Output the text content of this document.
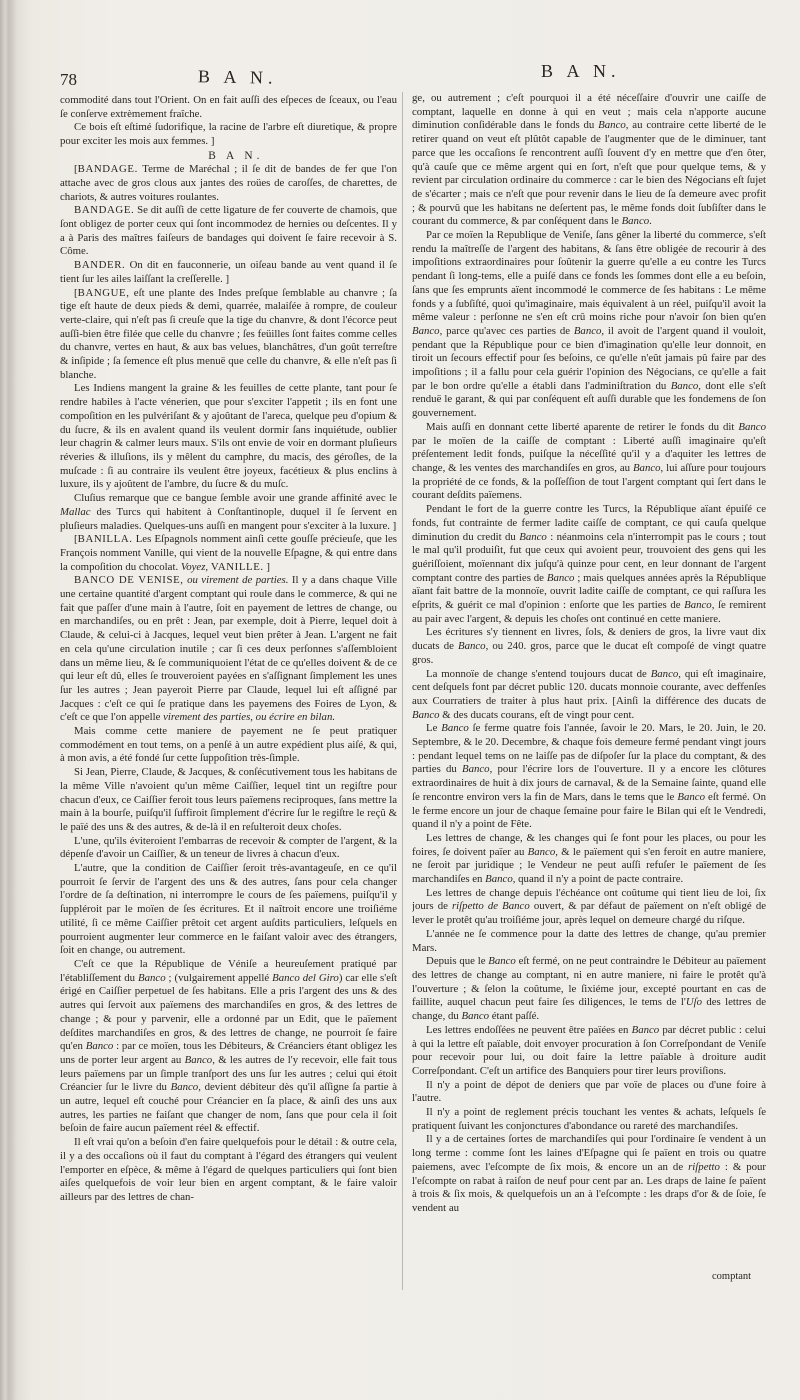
78	B A N.	B A N.

commodité dans tout l'Orient. On en fait auſſi des eſpeces de ſceaux, ou l'eau ſe conſerve extrèmement fraîche.

Ce bois eſt eſtimé ſudorifique, la racine de l'arbre eſt diuretique, & propre pour exciter les mois aux femmes. ]

B A N.

[BANDAGE. Terme de Maréchal ; il ſe dit de bandes de fer que l'on attache avec de gros clous aux jantes des roües de caroſſes, de charettes, de chariots, & autres voitures roulantes.

BANDAGE. Se dit auſſi de cette ligature de fer couverte de chamois, que ſont obligez de porter ceux qui ſont incommodez de hernies ou deſcentes. Il y a à Paris des maîtres faiſeurs de bandages qui doivent ſe faire recevoir à S. Côme.

BANDER. On dit en fauconnerie, un oiſeau bande au vent quand il ſe tient ſur les ailes laiſſant la creſſerelle. ]

[BANGUE, eſt une plante des Indes preſque ſemblable au chanvre ; ſa tige eſt haute de deux pieds & demi, quarrée, malaiſée à rompre, de couleur verte-claire, qui n'eſt pas ſi creuſe que la tige du chanvre, & dont l'écorce peut auſſi-bien être filée que celle du chanvre ; ſes feüilles ſont faites comme celles du chanvre, vertes en haut, & aux bas velues, blanchâtres, d'un goût terreſtre & inſipide ; ſa ſemence eſt plus menuë que celle du chanvre, & elle n'eſt pas ſi blanche.

Les Indiens mangent la graine & les feuilles de cette plante, tant pour ſe rendre habiles à l'acte vénerien, que pour s'exciter l'appetit ; ils en font une compoſition en les pulvériſant & y ajoûtant de l'areca, quelque peu d'opium & du ſucre, & ils en avalent quand ils veulent dormir ſans inquiétude, oublier leur chagrin & calmer leurs maux. S'ils ont envie de voir en dormant pluſieurs réveries & illuſions, ils y mêlent du camphre, du macis, des géroſles, de la muſcade : ſi au contraire ils veulent être joyeux, facétieux & plus enclins à luxure, ils y ajoûtent de l'ambre, du ſucre & du muſc.

Cluſius remarque que ce bangue ſemble avoir une grande affinité avec le Mallac des Turcs qui habitent à Conſtantinople, duquel il ſe ſervent en pluſieurs maladies. Quelques-uns auſſi en mangent pour s'exciter à la luxure. ]

[BANILLA. Les Eſpagnols nomment ainſi cette gouſſe précieuſe, que les François nomment Vanille, qui vient de la nouvelle Eſpagne, & qui entre dans la compoſition du chocolat. Voyez, VANILLE. ]

BANCO DE VENISE, ou virement de parties. Il y a dans chaque Ville une certaine quantité d'argent comptant qui roule dans le commerce, & qui ne fait que paſſer d'une main à l'autre, ſoit en payement de lettres de change, ou en marchandiſes, ou en prêt : Jean, par exemple, doit à Pierre, lequel doit à Claude, & celui-ci à Jacques, lequel veut bien prêter à Jean. L'argent ne fait en cela qu'une circulation inutile ; car ſi ces deux perſonnes s'aſſembloient dans un même lieu, & ſe communiquoient l'état de ce qu'elles doivent & de ce qui leur eſt dû, elles ſe trouveroient payées en s'aſſignant ſimplement les unes ſur les autres ; Jean payeroit Pierre par Claude, lequel lui eſt aſſigné par Jacques : c'eſt ce qui ſe pratique dans les payemens des Foires de Lyon, & c'eſt ce que l'on appelle virement des parties, ou écrire en bilan.

Mais comme cette maniere de payement ne ſe peut pratiquer commodément en tout tems, on a penſé à un autre expédient plus aiſé, & qui, à mon avis, a été fondé ſur cette ſuppoſition très-ſimple.

Si Jean, Pierre, Claude, & Jacques, & conſécutivement tous les habitans de la même Ville n'avoient qu'un même Caiſſier, lequel tint un regiſtre pour chacun d'eux, ce Caiſſier feroit tous leurs païemens reciproques, ſans mettre la main à la bourſe, puiſqu'il ſuffiroit ſimplement d'écrire ſur le regiſtre le reçû & le païé des uns & des autres, & de-là il en reſulteroit deux choſes.

L'une, qu'ils éviteroient l'embarras de recevoir & compter de l'argent, & la dépenſe d'avoir un Caiſſier, & un teneur de livres à chacun d'eux.

L'autre, que la condition de Caiſſier ſeroit très-avantageuſe, en ce qu'il pourroit ſe ſervir de l'argent des uns & des autres, ſans pour cela changer l'ordre de ſa deſtination, ni interrompre le cours de ſes païemens, puiſqu'il y ſuppléroit par le moïen de ſes écritures. Et il naîtroit encore une troiſiéme utilité, ſi ce même Caiſſier prêtoit cet argent auſdits particuliers, leſquels en pourroient augmenter leur commerce en le faiſant valoir avec des étrangers, ſoit en change, ou autrement.

C'eſt ce que la République de Véniſe a heureuſement pratiqué par l'établiſſement du Banco ; (vulgairement appellé Banco del Giro) car elle s'eſt érigé en Caiſſier perpetuel de ſes habitans. Elle a pris l'argent des uns & des autres qui ſervoit aux païemens des marchandiſes en gros, & des lettres de change ; & pour y parvenir, elle a ordonné par un Edit, que le païement deſdites marchandiſes en gros, & des lettres de change, ne pourroit ſe faire qu'en Banco : par ce moïen, tous les Débiteurs, & Créanciers étant obligez les uns de porter leur argent au Banco, & les autres de l'y recevoir, elle fait tous leurs païemens par un ſimple tranſport des uns ſur les autres ; celui qui étoit Créancier ſur le livre du Banco, devient débiteur dès qu'il aſſigne ſa partie à un autre, lequel eſt couché pour Créancier en ſa place, & ainſi des uns aux autres, les parties ne faiſant que changer de nom, ſans que pour cela il ſoit beſoin de faire aucun païement réel & effectif.

Il eſt vrai qu'on a beſoin d'en faire quelquefois pour le détail : & outre cela, il y a des occaſions où il faut du comptant à l'égard des étrangers qui veulent l'emporter en eſpèce, & même à l'égard de quelques particuliers qui ſont bien aiſes quelquefois de voir leur bien en argent comptant, & le faire valoir ailleurs par des lettres de chan-

ge, ou autrement ; c'eſt pourquoi il a été néceſſaire d'ouvrir une caiſſe de comptant, laquelle en donne à qui en veut ; mais cela n'apporte aucune diminution conſidérable dans le fonds du Banco, au contraire cette liberté de le retirer quand on veut eſt plûtôt capable de l'augmenter que de le diminuer, tant parce que les occaſions ſe rencontrent auſſi ſouvent d'y en mettre que d'en ôter, qu'à cauſe que ce même argent qui en ſort, n'eſt que pour quelque tems, & y revient par circulation ordinaire du commerce : car le bien des Négocians eſt ſujet de s'écarter ; mais ce n'eſt que pour revenir dans le lieu de ſa demeure avec profit ; & pourvû que les habitans ne deſertent pas, le même fonds doit ſubſiſter dans le courant du commerce, & par conſéquent dans le Banco.

Par ce moïen la Republique de Veniſe, ſans gêner la liberté du commerce, s'eſt rendu la maîtreſſe de l'argent des habitans, & ſans être obligée de recourir à des impoſitions extraordinaires pour ſoûtenir la guerre qu'elle a eu contre les Turcs pendant ſi long-tems, elle a puiſé dans ce fonds les ſommes dont elle a eu beſoin, ſans que ſes emprunts aïent incommodé le commerce de ſes habitans : Le même fonds y a ſubſiſté, quoi qu'imaginaire, mais équivalent à un réel, puiſqu'il avoit la même valeur : perſonne ne s'en eſt crû moins riche pour n'avoir ſon bien qu'en Banco, parce qu'avec ces parties de Banco, il avoit de l'argent quand il vouloit, pendant que la République pour ce bien d'imagination qu'elle leur donnoit, en tiroit un ſecours effectif pour ſes beſoins, ce qu'elle n'eût jamais pû faire par des impoſitions ; il a fallu pour cela guérir l'opinion des Négocians, ce qu'elle a fait par le bon ordre qu'elle a établi dans l'adminiſtration du Banco, dont elle s'eſt renduë le garant, & qui par conſéquent eſt auſſi durable que les fondemens de ſon gouvernement.

Mais auſſi en donnant cette liberté aparente de retirer le fonds du dit Banco par le moïen de la caiſſe de comptant : Liberté auſſi imaginaire qu'eſt préſentement ledit fonds, puiſque la néceſſité qu'il y a d'aquiter les lettres de change, & les ventes des marchandiſes en gros, au Banco, lui aſſure pour toujours la propriété de ce fonds, & la poſſeſſion de tout l'argent comptant qui ſert dans le courant deſdits païemens.

Pendant le fort de la guerre contre les Turcs, la République aïant épuiſé ce fonds, fut contrainte de fermer ladite caiſſe de comptant, ce qui cauſa quelque diminution du credit du Banco : néanmoins cela n'interrompit pas le cours ; tout le mal qu'il produiſit, fut que ceux qui avoient peur, trouvoient des gens qui les guériſſoient, moïennant dix juſqu'à quinze pour cent, en leur donnant de l'argent comptant contre des parties de Banco ; mais quelques années après la République aïant fait battre de la monnoïe, ouvrit ladite caiſſe de comptant, ce qui raſſura les eſprits, & guérit ce mal d'opinion : enſorte que les parties de Banco, ſe remirent au pair avec l'argent, & depuis les choſes ont continué en cette maniere.

Les écritures s'y tiennent en livres, ſols, & deniers de gros, la livre vaut dix ducats de Banco, ou 240. gros, parce que le ducat eſt compoſé de vingt quatre gros.

La monnoïe de change s'entend toujours ducat de Banco, qui eſt imaginaire, cent deſquels font par décret public 120. ducats monnoie courante, avec deffenſes aux Courratiers de traiter à plus haut prix. [Ainſi la différence des ducats de Banco & des ducats courans, eſt de vingt pour cent.

Le Banco ſe ferme quatre fois l'année, ſavoir le 20. Mars, le 20. Juin, le 20. Septembre, & le 20. Decembre, & chaque fois demeure fermé pendant vingt jours : pendant lequel tems on ne laiſſe pas de diſpoſer ſur la place du comptant, & des parties du Banco, pour l'écrire lors de l'ouverture. Il y a encore les clôtures extraordinaires de huit à dix jours de carnaval, & de la Semaine ſainte, quand elle ſe rencontre environ vers la fin de Mars, dans le tems que le Banco eſt fermé. On le ferme encore un jour de chaque ſemaine pour faire le Bilan qui eſt le Vendredi, quand il n'y a point de Fête.

Les lettres de change, & les changes qui ſe font pour les places, ou pour les foires, ſe doivent païer au Banco, & le païement qui s'en feroit en autre maniere, ne ſeroit par juridique ; le Vendeur ne peut auſſi refuſer le païement de ſes marchandiſes en Banco, quand il n'y a point de pacte contraire.

Les lettres de change depuis l'échéance ont coûtume qui tient lieu de loi, ſix jours de riſpetto de Banco ouvert, & par défaut de païement on n'eſt obligé de lever le protêt qu'au troiſiéme jour, après lequel on demeure chargé du riſque.

L'année ne ſe commence pour la datte des lettres de change, qu'au premier Mars.

Depuis que le Banco eſt fermé, on ne peut contraindre le Débiteur au païement des lettres de change au comptant, ni en autre maniere, ni faire le protêt qu'à l'ouverture ; & ſelon la coûtume, le ſixiéme jour, excepté pourtant en cas de faillite, auquel chacun peut faire ſes diligences, le tems de l'Uſo des lettres de change, du Banco étant paſſé.

Les lettres endoſſées ne peuvent être païées en Banco par décret public : celui à qui la lettre eſt païable, doit envoyer procuration à ſon Correſpondant de Veniſe pour recevoir pour lui, ou doit faire la lettre païable à droiture audit Correſpondant. C'eſt un artifice des Banquiers pour tirer leurs proviſions.

Il n'y a point de dépot de deniers que par voïe de places ou d'une foire à l'autre.

Il n'y a point de reglement précis touchant les ventes & achats, leſquels ſe pratiquent ſuivant les conjonctures d'abondance ou rareté des marchandiſes.

Il y a de certaines ſortes de marchandiſes qui pour l'ordinaire ſe vendent à un long terme : comme ſont les laines d'Eſpagne qui ſe païent en trois ou quatre paiemens, avec l'eſcompte de ſix mois, & encore un an de riſpetto : & pour l'eſcompte on rabat à raiſon de neuf pour cent par an. Les draps de laine ſe païent à trois & ſix mois, & quelquefois un an à l'eſcompte : les draps d'or & de ſoie, ſe vendent au

comptant
